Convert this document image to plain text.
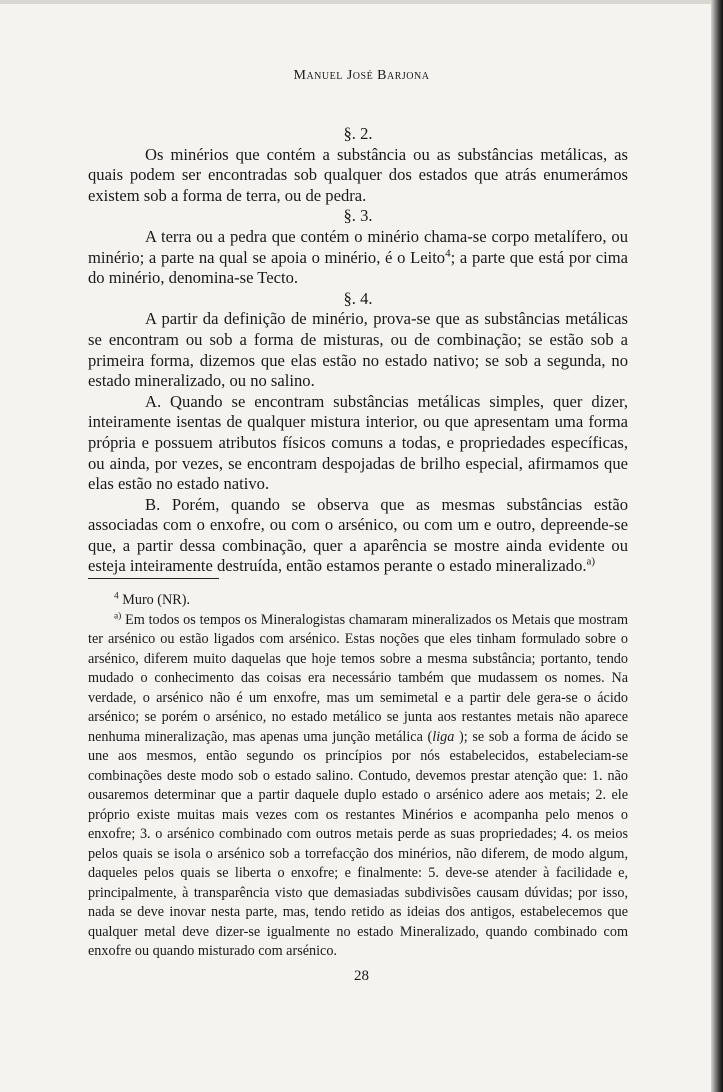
Manuel José Barjona

§. 2.

Os minérios que contém a substância ou as substâncias metálicas, as quais podem ser encontradas sob qualquer dos estados que atrás enumerámos existem sob a forma de terra, ou de pedra.

§. 3.

A terra ou a pedra que contém o minério chama-se corpo metalífero, ou minério; a parte na qual se apoia o minério, é o Leito$^4$; a parte que está por cima do minério, denomina-se Tecto.

§. 4.

A partir da definição de minério, prova-se que as substâncias metálicas se encontram ou sob a forma de misturas, ou de combinação; se estão sob a primeira forma, dizemos que elas estão no estado nativo; se sob a segunda, no estado mineralizado, ou no salino.

A. Quando se encontram substâncias metálicas simples, quer dizer, inteiramente isentas de qualquer mistura interior, ou que apresentam uma forma própria e possuem atributos físicos comuns a todas, e propriedades específicas, ou ainda, por vezes, se encontram despojadas de brilho especial, afirmamos que elas estão no estado nativo.

B. Porém, quando se observa que as mesmas substâncias estão associadas com o enxofre, ou com o arsénico, ou com um e outro, depreende-se que, a partir dessa combinação, quer a aparência se mostre ainda evidente ou esteja inteiramente destruída, então estamos perante o estado mineralizado.$^{a)}$

$^4$ Muro (NR).

$^{a)}$ Em todos os tempos os Mineralogistas chamaram mineralizados os Metais que mostram ter arsénico ou estão ligados com arsénico. Estas noções que eles tinham formulado sobre o arsénico, diferem muito daquelas que hoje temos sobre a mesma substância; portanto, tendo mudado o conhecimento das coisas era necessário também que mudassem os nomes. Na verdade, o arsénico não é um enxofre, mas um semimetal e a partir dele gera-se o ácido arsénico; se porém o arsénico, no estado metálico se junta aos restantes metais não aparece nenhuma mineralização, mas apenas uma junção metálica (liga ); se sob a forma de ácido se une aos mesmos, então segundo os princípios por nós estabelecidos, estabeleciam-se combinações deste modo sob o estado salino. Contudo, devemos prestar atenção que: 1. não ousaremos determinar que a partir daquele duplo estado o arsénico adere aos metais; 2. ele próprio existe muitas mais vezes com os restantes Minérios e acompanha pelo menos o enxofre; 3. o arsénico combinado com outros metais perde as suas propriedades; 4. os meios pelos quais se isola o arsénico sob a torrefacção dos minérios, não diferem, de modo algum, daqueles pelos quais se liberta o enxofre; e finalmente: 5. deve-se atender à facilidade e, principalmente, à transparência visto que demasiadas subdivisões causam dúvidas; por isso, nada se deve inovar nesta parte, mas, tendo retido as ideias dos antigos, estabelecemos que qualquer metal deve dizer-se igualmente no estado Mineralizado, quando combinado com enxofre ou quando misturado com arsénico.

28
